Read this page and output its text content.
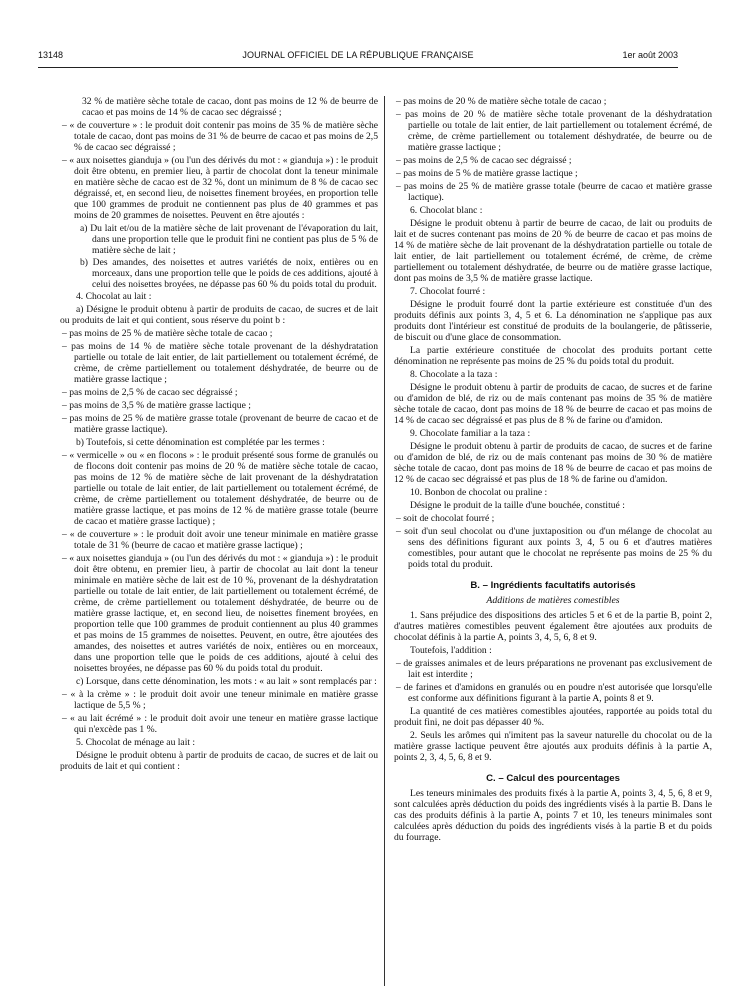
13148	JOURNAL OFFICIEL DE LA RÉPUBLIQUE FRANÇAISE	1er août 2003
32 % de matière sèche totale de cacao, dont pas moins de 12 % de beurre de cacao et pas moins de 14 % de cacao sec dégraissé ;
– « de couverture » : le produit doit contenir pas moins de 35 % de matière sèche totale de cacao, dont pas moins de 31 % de beurre de cacao et pas moins de 2,5 % de cacao sec dégraissé ;
– « aux noisettes gianduja » (ou l'un des dérivés du mot : « gianduja ») : le produit doit être obtenu, en premier lieu, à partir de chocolat dont la teneur minimale en matière sèche de cacao est de 32 %, dont un minimum de 8 % de cacao sec dégraissé, et, en second lieu, de noisettes finement broyées, en proportion telle que 100 grammes de produit ne contiennent pas plus de 40 grammes et pas moins de 20 grammes de noisettes. Peuvent en être ajoutés :
a) Du lait et/ou de la matière sèche de lait provenant de l'évaporation du lait, dans une proportion telle que le produit fini ne contient pas plus de 5 % de matière sèche de lait ;
b) Des amandes, des noisettes et autres variétés de noix, entières ou en morceaux, dans une proportion telle que le poids de ces additions, ajouté à celui des noisettes broyées, ne dépasse pas 60 % du poids total du produit.
4. Chocolat au lait :
a) Désigne le produit obtenu à partir de produits de cacao, de sucres et de lait ou produits de lait et qui contient, sous réserve du point b :
– pas moins de 25 % de matière sèche totale de cacao ;
– pas moins de 14 % de matière sèche totale provenant de la déshydratation partielle ou totale de lait entier, de lait partiellement ou totalement écrémé, de crème, de crème partiellement ou totalement déshydratée, de beurre ou de matière grasse lactique ;
– pas moins de 2,5 % de cacao sec dégraissé ;
– pas moins de 3,5 % de matière grasse lactique ;
– pas moins de 25 % de matière grasse totale (provenant de beurre de cacao et de matière grasse lactique).
b) Toutefois, si cette dénomination est complétée par les termes :
– « vermicelle » ou « en flocons » : le produit présenté sous forme de granulés ou de flocons doit contenir pas moins de 20 % de matière sèche totale de cacao, pas moins de 12 % de matière sèche de lait provenant de la déshydratation partielle ou totale de lait entier, de lait partiellement ou totalement écrémé, de crème, de crème partiellement ou totalement déshydratée, de beurre ou de matière grasse lactique, et pas moins de 12 % de matière grasse totale (beurre de cacao et matière grasse lactique) ;
– « de couverture » : le produit doit avoir une teneur minimale en matière grasse totale de 31 % (beurre de cacao et matière grasse lactique) ;
– « aux noisettes gianduja » (ou l'un des dérivés du mot : « gianduja ») : le produit doit être obtenu, en premier lieu, à partir de chocolat au lait dont la teneur minimale en matière sèche de lait est de 10 %, provenant de la déshydratation partielle ou totale de lait entier, de lait partiellement ou totalement écrémé, de crème, de crème partiellement ou totalement déshydratée, de beurre ou de matière grasse lactique, et, en second lieu, de noisettes finement broyées, en proportion telle que 100 grammes de produit contiennent au plus 40 grammes et pas moins de 15 grammes de noisettes. Peuvent, en outre, être ajoutées des amandes, des noisettes et autres variétés de noix, entières ou en morceaux, dans une proportion telle que le poids de ces additions, ajouté à celui des noisettes broyées, ne dépasse pas 60 % du poids total du produit.
c) Lorsque, dans cette dénomination, les mots : « au lait » sont remplacés par :
– « à la crème » : le produit doit avoir une teneur minimale en matière grasse lactique de 5,5 % ;
– « au lait écrémé » : le produit doit avoir une teneur en matière grasse lactique qui n'excède pas 1 %.
5. Chocolat de ménage au lait :
Désigne le produit obtenu à partir de produits de cacao, de sucres et de lait ou produits de lait et qui contient :
– pas moins de 20 % de matière sèche totale de cacao ;
– pas moins de 20 % de matière sèche totale provenant de la déshydratation partielle ou totale de lait entier, de lait partiellement ou totalement écrémé, de crème, de crème partiellement ou totalement déshydratée, de beurre ou de matière grasse lactique ;
– pas moins de 2,5 % de cacao sec dégraissé ;
– pas moins de 5 % de matière grasse lactique ;
– pas moins de 25 % de matière grasse totale (beurre de cacao et matière grasse lactique).
6. Chocolat blanc :
Désigne le produit obtenu à partir de beurre de cacao, de lait ou produits de lait et de sucres contenant pas moins de 20 % de beurre de cacao et pas moins de 14 % de matière sèche de lait provenant de la déshydratation partielle ou totale de lait entier, de lait partiellement ou totalement écrémé, de crème, de crème partiellement ou totalement déshydratée, de beurre ou de matière grasse lactique, dont pas moins de 3,5 % de matière grasse lactique.
7. Chocolat fourré :
Désigne le produit fourré dont la partie extérieure est constituée d'un des produits définis aux points 3, 4, 5 et 6. La dénomination ne s'applique pas aux produits dont l'intérieur est constitué de produits de la boulangerie, de pâtisserie, de biscuit ou d'une glace de consommation.
La partie extérieure constituée de chocolat des produits portant cette dénomination ne représente pas moins de 25 % du poids total du produit.
8. Chocolate a la taza :
Désigne le produit obtenu à partir de produits de cacao, de sucres et de farine ou d'amidon de blé, de riz ou de maïs contenant pas moins de 35 % de matière sèche totale de cacao, dont pas moins de 18 % de beurre de cacao et pas moins de 14 % de cacao sec dégraissé et pas plus de 8 % de farine ou d'amidon.
9. Chocolate familiar a la taza :
Désigne le produit obtenu à partir de produits de cacao, de sucres et de farine ou d'amidon de blé, de riz ou de maïs contenant pas moins de 30 % de matière sèche totale de cacao, dont pas moins de 18 % de beurre de cacao et pas moins de 12 % de cacao sec dégraissé et pas plus de 18 % de farine ou d'amidon.
10. Bonbon de chocolat ou praline :
Désigne le produit de la taille d'une bouchée, constitué :
– soit de chocolat fourré ;
– soit d'un seul chocolat ou d'une juxtaposition ou d'un mélange de chocolat au sens des définitions figurant aux points 3, 4, 5 ou 6 et d'autres matières comestibles, pour autant que le chocolat ne représente pas moins de 25 % du poids total du produit.
B. – Ingrédients facultatifs autorisés
Additions de matières comestibles
1. Sans préjudice des dispositions des articles 5 et 6 et de la partie B, point 2, d'autres matières comestibles peuvent également être ajoutées aux produits de chocolat définis à la partie A, points 3, 4, 5, 6, 8 et 9.
Toutefois, l'addition :
– de graisses animales et de leurs préparations ne provenant pas exclusivement de lait est interdite ;
– de farines et d'amidons en granulés ou en poudre n'est autorisée que lorsqu'elle est conforme aux définitions figurant à la partie A, points 8 et 9.
La quantité de ces matières comestibles ajoutées, rapportée au poids total du produit fini, ne doit pas dépasser 40 %.
2. Seuls les arômes qui n'imitent pas la saveur naturelle du chocolat ou de la matière grasse lactique peuvent être ajoutés aux produits définis à la partie A, points 2, 3, 4, 5, 6, 8 et 9.
C. – Calcul des pourcentages
Les teneurs minimales des produits fixés à la partie A, points 3, 4, 5, 6, 8 et 9, sont calculées après déduction du poids des ingrédients visés à la partie B. Dans le cas des produits définis à la partie A, points 7 et 10, les teneurs minimales sont calculées après déduction du poids des ingrédients visés à la partie B et du poids du fourrage.
